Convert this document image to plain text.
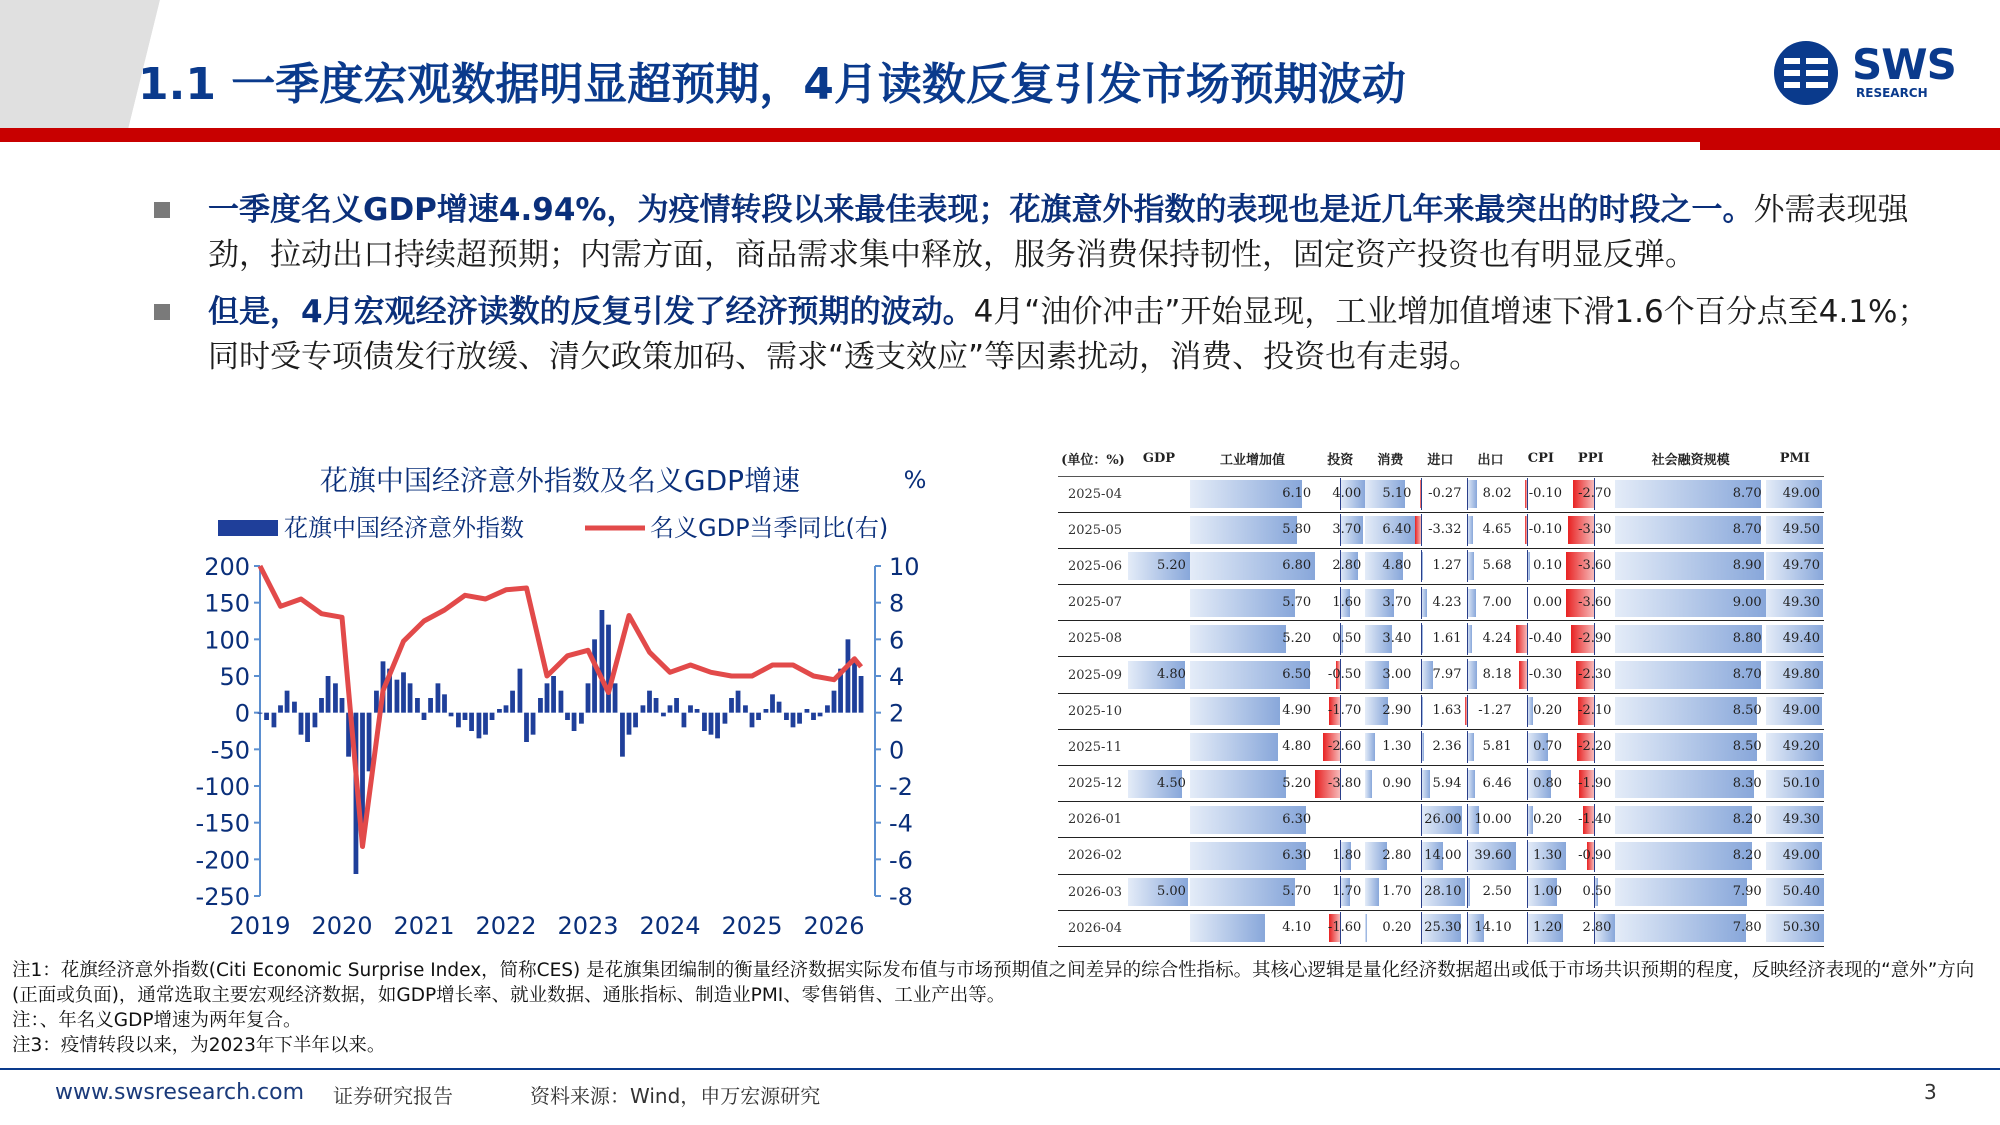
1.1 一季度宏观数据明显超预期，4月读数反复引发市场预期波动	SWS
RESEARCH
一季度名义GDP增速4.94%，为疫情转段以来最佳表现；花旗意外指数的表现也是近几年来最突出的时段之一。外需表现强劲，拉动出口持续超预期；内需方面，商品需求集中释放，服务消费保持韧性，固定资产投资也有明显反弹。
但是，4月宏观经济读数的反复引发了经济预期的波动。4月“油价冲击”开始显现，工业增加值增速下滑1.6个百分点至4.1%；同时受专项债发行放缓、清欠政策加码、需求“透支效应”等因素扰动，消费、投资也有走弱。
花旗中国经济意外指数及名义GDP增速	%
花旗中国经济意外指数	名义GDP当季同比(右)
200
150
100
50
0
-50
-100
-150
-200
-250
10
8
6
4
2
0
-2
-4
-6
-8
2019 2020 2021 2022 2023 2024 2025 2026
(单位：%)	GDP	工业增加值	投资	消费	进口	出口	CPI	PPI	社会融资规模	PMI
2025-04		6.10	4.00	5.10	-0.27	8.02	-0.10	-2.70	8.70	49.00

2025-05		5.80	3.70	6.40	-3.32	4.65	-0.10	-3.30	8.70	49.50

2025-06	5.20	6.80	2.80	4.80	1.27	5.68	0.10	-3.60	8.90	49.70

2025-07		5.70	1.60	3.70	4.23	7.00	0.00	-3.60	9.00	49.30

2025-08		5.20	0.50	3.40	1.61	4.24	-0.40	-2.90	8.80	49.40

2025-09	4.80	6.50	-0.50	3.00	7.97	8.18	-0.30	-2.30	8.70	49.80

2025-10		4.90	-1.70	2.90	1.63	-1.27	0.20	-2.10	8.50	49.00

2025-11		4.80	-2.60	1.30	2.36	5.81	0.70	-2.20	8.50	49.20

2025-12	4.50	5.20	-3.80	0.90	5.94	6.46	0.80	-1.90	8.30	50.10

2026-01		6.30			26.00	10.00	0.20	-1.40	8.20	49.30

2026-02		6.30	1.80	2.80	14.00	39.60	1.30	-0.90	8.20	49.00

2026-03	5.00	5.70	1.70	1.70	28.10	2.50	1.00	0.50	7.90	50.40

2026-04		4.10	-1.60	0.20	25.30	14.10	1.20	2.80	7.80	50.30
注1：花旗经济意外指数(Citi Economic Surprise Index，简称CES) 是花旗集团编制的衡量经济数据实际发布值与市场预期值之间差异的综合性指标。其核心逻辑是量化经济数据超出或低于市场共识预期的程度，反映经济表现的“意外”方向(正面或负面)，通常选取主要宏观经济数据，如GDP增长率、就业数据、通胀指标、制造业PMI、零售销售、工业产出等。
注：、年名义GDP增速为两年复合。
注3：疫情转段以来，为2023年下半年以来。
www.swsresearch.com 证券研究报告	资料来源：Wind，申万宏源研究	3
